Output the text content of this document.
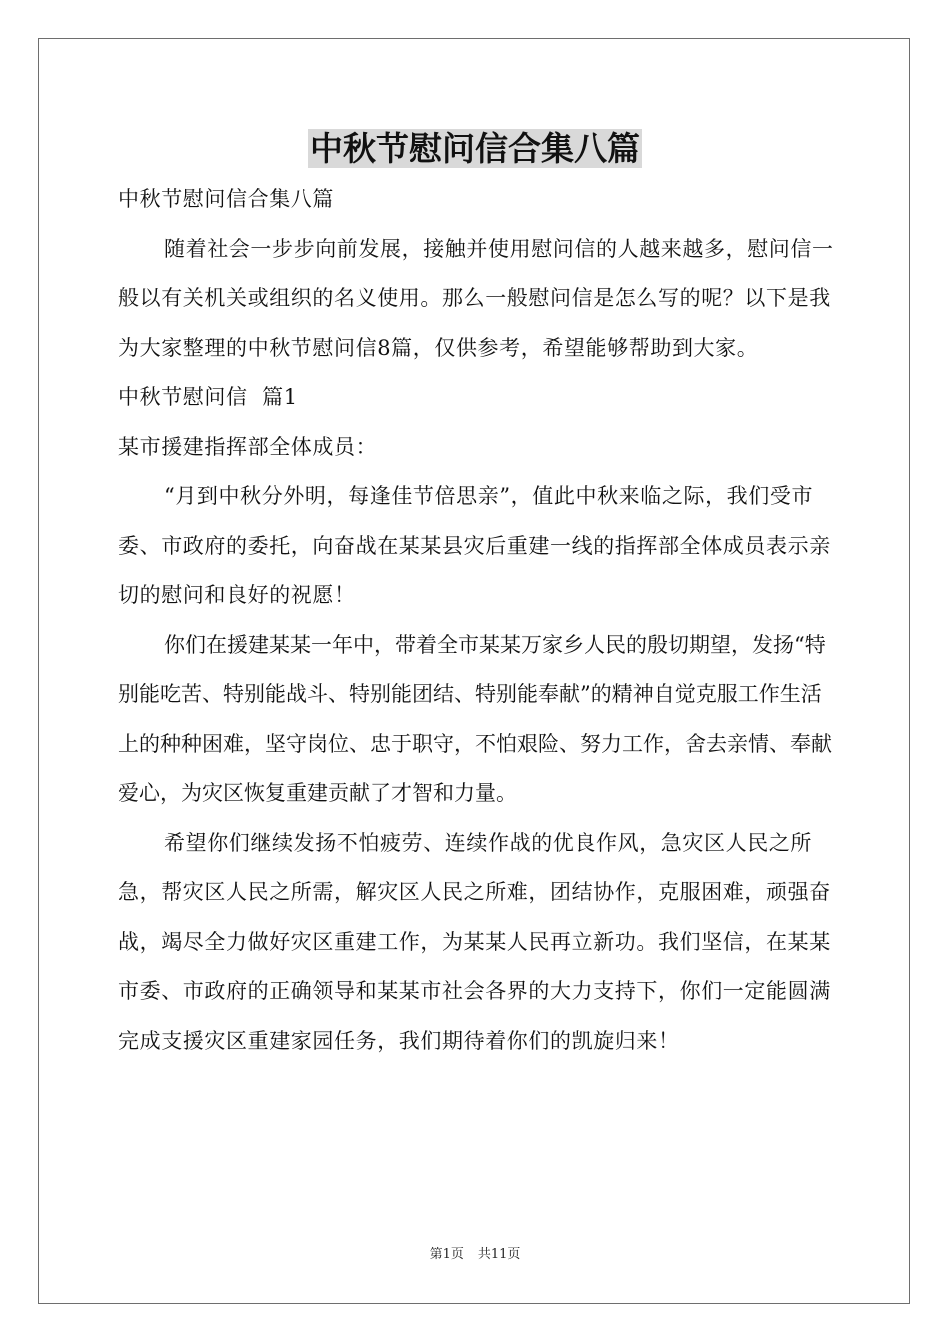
中秋节慰问信合集八篇

中秋节慰问信合集八篇

随着社会一步步向前发展，接触并使用慰问信的人越来越多，慰问信一般以有关机关或组织的名义使用。那么一般慰问信是怎么写的呢？以下是我为大家整理的中秋节慰问信8篇，仅供参考，希望能够帮助到大家。

中秋节慰问信  篇1

某市援建指挥部全体成员：

“月到中秋分外明，每逢佳节倍思亲”，值此中秋来临之际，我们受市委、市政府的委托，向奋战在某某县灾后重建一线的指挥部全体成员表示亲切的慰问和良好的祝愿！

你们在援建某某一年中，带着全市某某万家乡人民的殷切期望，发扬“特别能吃苦、特别能战斗、特别能团结、特别能奉献”的精神自觉克服工作生活上的种种困难，坚守岗位、忠于职守，不怕艰险、努力工作，舍去亲情、奉献爱心，为灾区恢复重建贡献了才智和力量。

希望你们继续发扬不怕疲劳、连续作战的优良作风，急灾区人民之所急，帮灾区人民之所需，解灾区人民之所难，团结协作，克服困难，顽强奋战，竭尽全力做好灾区重建工作，为某某人民再立新功。我们坚信，在某某市委、市政府的正确领导和某某市社会各界的大力支持下，你们一定能圆满完成支援灾区重建家园任务，我们期待着你们的凯旋归来！

第1页 共11页
